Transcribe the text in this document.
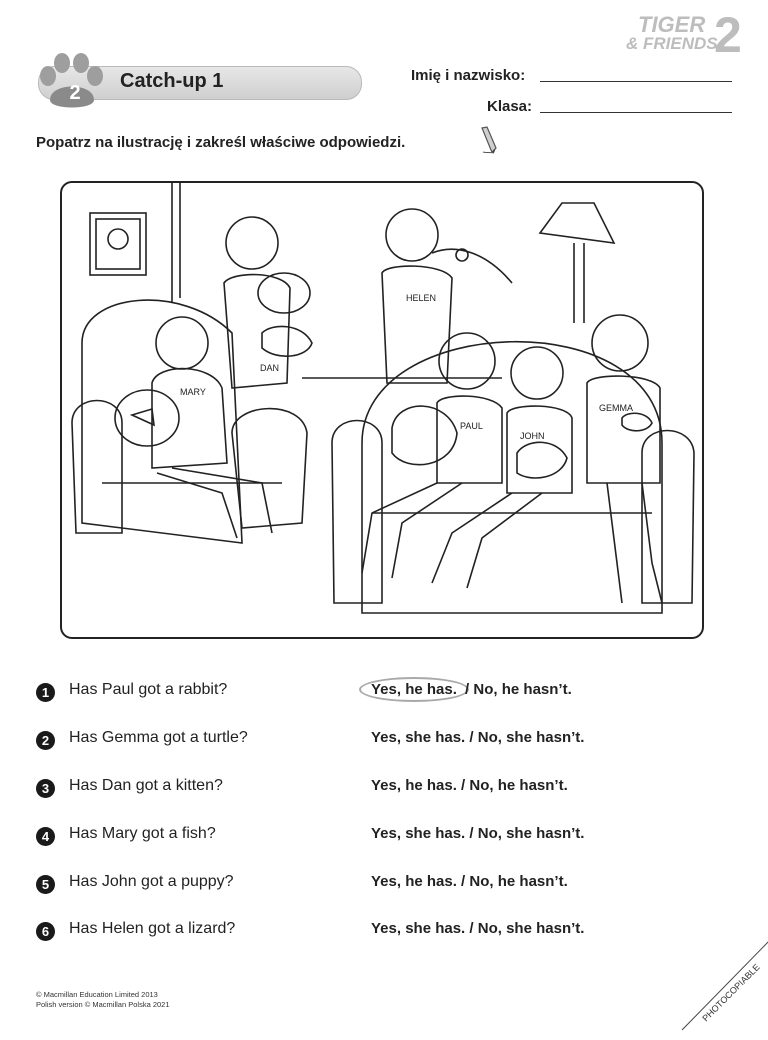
TIGER
& FRIENDS
2
2
Catch-up 1	Imię i nazwisko:
Klasa:
Popatrz na ilustrację i zakreśl właściwe odpowiedzi.
MARY
DAN
HELEN
PAUL
JOHN
GEMMA
1	Has Paul got a rabbit?	Yes, he has. / No, he hasn’t.
2	Has Gemma got a turtle?	Yes, she has. / No, she hasn’t.
3	Has Dan got a kitten?	Yes, he has. / No, he hasn’t.
4	Has Mary got a fish?	Yes, she has. / No, she hasn’t.
5	Has John got a puppy?	Yes, he has. / No, he hasn’t.
6	Has Helen got a lizard?	Yes, she has. / No, she hasn’t.
© Macmillan Education Limited 2013
Polish version © Macmillan Polska 2021	PHOTOCOPIABLE
